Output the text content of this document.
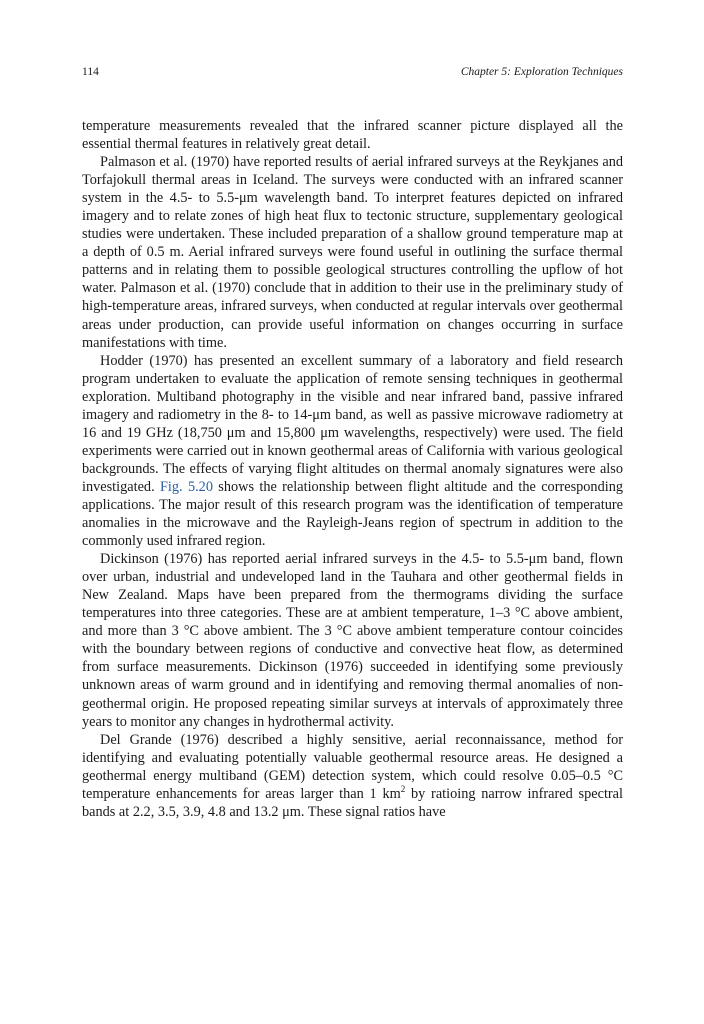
114	Chapter 5: Exploration Techniques

temperature measurements revealed that the infrared scanner picture displayed all the essential thermal features in relatively great detail.

Palmason et al. (1970) have reported results of aerial infrared surveys at the Reykjanes and Torfajokull thermal areas in Iceland. The surveys were conducted with an infrared scanner system in the 4.5- to 5.5-μm wavelength band. To interpret features depicted on infrared imagery and to relate zones of high heat flux to tectonic structure, supplementary geological studies were undertaken. These included preparation of a shallow ground temperature map at a depth of 0.5 m. Aerial infrared surveys were found useful in outlining the surface thermal patterns and in relating them to possible geological structures controlling the upflow of hot water. Palmason et al. (1970) conclude that in addition to their use in the preliminary study of high-temperature areas, infrared surveys, when conducted at regular intervals over geothermal areas under production, can provide useful information on changes occurring in surface manifestations with time.

Hodder (1970) has presented an excellent summary of a laboratory and field research program undertaken to evaluate the application of remote sensing techniques in geothermal exploration. Multiband photography in the visible and near infrared band, passive infrared imagery and radiometry in the 8- to 14-μm band, as well as passive microwave radiometry at 16 and 19 GHz (18,750 μm and 15,800 μm wavelengths, respectively) were used. The field experiments were carried out in known geothermal areas of California with various geological backgrounds. The effects of varying flight altitudes on thermal anomaly signatures were also investigated. Fig. 5.20 shows the relationship between flight altitude and the corresponding applications. The major result of this research program was the identification of temperature anomalies in the microwave and the Rayleigh-Jeans region of spectrum in addition to the commonly used infrared region.

Dickinson (1976) has reported aerial infrared surveys in the 4.5- to 5.5-μm band, flown over urban, industrial and undeveloped land in the Tauhara and other geothermal fields in New Zealand. Maps have been prepared from the thermograms dividing the surface temperatures into three categories. These are at ambient temperature, 1–3 °C above ambient, and more than 3 °C above ambient. The 3 °C above ambient temperature contour coincides with the boundary between regions of conductive and convective heat flow, as determined from surface measurements. Dickinson (1976) succeeded in identifying some previously unknown areas of warm ground and in identifying and removing thermal anomalies of non-geothermal origin. He proposed repeating similar surveys at intervals of approximately three years to monitor any changes in hydrothermal activity.

Del Grande (1976) described a highly sensitive, aerial reconnaissance, method for identifying and evaluating potentially valuable geothermal resource areas. He designed a geothermal energy multiband (GEM) detection system, which could resolve 0.05–0.5 °C temperature enhancements for areas larger than 1 $km^2$ by ratioing narrow infrared spectral bands at 2.2, 3.5, 3.9, 4.8 and 13.2 μm. These signal ratios have
